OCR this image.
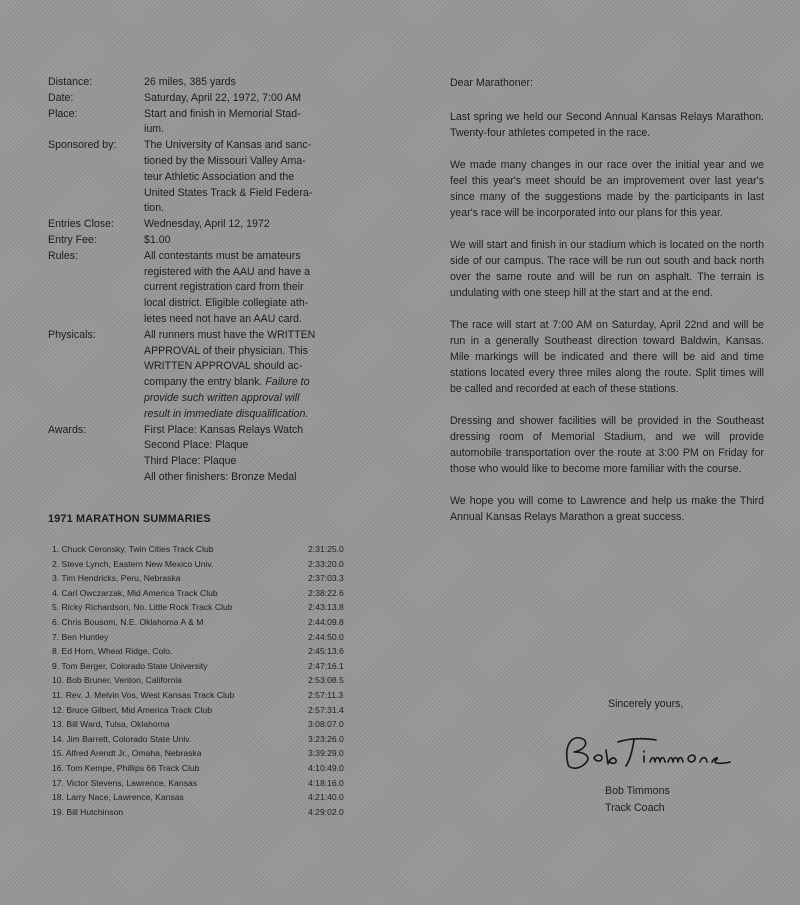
Distance:	26 miles, 385 yards
Date:	Saturday, April 22, 1972, 7:00 AM
Place:	Start and finish in Memorial Stad-
ium.
Sponsored by:	The University of Kansas and sanc-
tioned by the Missouri Valley Ama-
teur Athletic Association and the
United States Track & Field Federa-
tion.
Entries Close:	Wednesday, April 12, 1972
Entry Fee:	$1.00
Rules:	All contestants must be amateurs
registered with the AAU and have a
current registration card from their
local district. Eligible collegiate ath-
letes need not have an AAU card.
Physicals:	All runners must have the WRITTEN
APPROVAL of their physician. This
WRITTEN APPROVAL should ac-
company the entry blank. Failure to
provide such written approval will
result in immediate disqualification.
Awards:	First Place: Kansas Relays Watch
Second Place: Plaque
Third Place: Plaque
All other finishers: Bronze Medal
1971 MARATHON SUMMARIES
1. Chuck Ceronsky, Twin Cities Track Club	2:31:25.0
2. Steve Lynch, Eastern New Mexico Univ.	2:33:20.0
3. Tim Hendricks, Peru, Nebraska	2:37:03.3
4. Carl Owczarzak, Mid America Track Club	2:38:22.6
5. Ricky Richardson, No. Little Rock Track Club	2:43:13.8
6. Chris Bousom, N.E. Oklahoma A & M	2:44:09.8
7. Ben Huntley	2:44:50.0
8. Ed Horn, Wheat Ridge, Colo.	2:45:13.6
9. Tom Berger, Colorado State University	2:47:16.1
10. Bob Bruner, Venton, California	2:53:08.5
11. Rev. J. Melvin Vos, West Kansas Track Club	2:57:11.3
12. Bruce Gilbert, Mid America Track Club	2:57:31.4
13. Bill Ward, Tulsa, Oklahoma	3:08:07.0
14. Jim Barrett, Colorado State Univ.	3:23:26.0
15. Alfred Arendt Jr., Omaha, Nebraska	3:39:29.0
16. Tom Kempe, Phillips 66 Track Club	4:10:49.0
17. Victor Stevens, Lawrence, Kansas	4:18:16.0
18. Larry Nace, Lawrence, Kansas	4:21:40.0
19. Bill Hutchinson	4:29:02.0

Dear Marathoner:

Last spring we held our Second Annual Kansas Relays Marathon. Twenty-four athletes competed in the race.

We made many changes in our race over the initial year and we feel this year's meet should be an improvement over last year's since many of the suggestions made by the participants in last year's race will be incorporated into our plans for this year.

We will start and finish in our stadium which is located on the north side of our campus. The race will be run out south and back north over the same route and will be run on asphalt. The terrain is undulating with one steep hill at the start and at the end.

The race will start at 7:00 AM on Saturday, April 22nd and will be run in a generally Southeast direction toward Baldwin, Kansas. Mile markings will be indicated and there will be aid and time stations located every three miles along the route. Split times will be called and recorded at each of these stations.

Dressing and shower facilities will be provided in the Southeast dressing room of Memorial Stadium, and we will provide automobile transportation over the route at 3:00 PM on Friday for those who would like to become more familiar with the course.

We hope you will come to Lawrence and help us make the Third Annual Kansas Relays Marathon a great success.

Sincerely yours,
Bob Timmons
Track Coach
